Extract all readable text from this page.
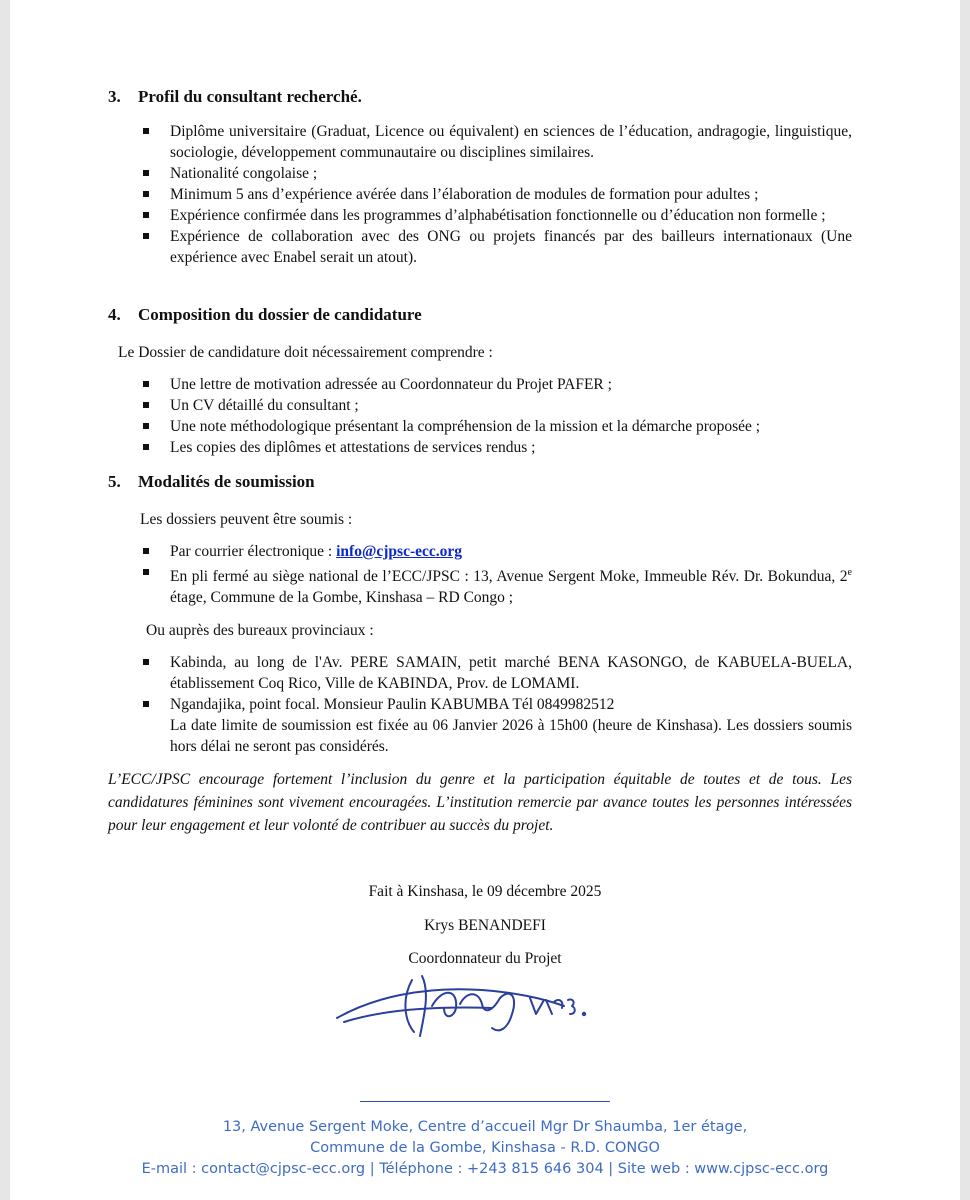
3. Profil du consultant recherché.
Diplôme universitaire (Graduat, Licence ou équivalent) en sciences de l’éducation, andragogie, linguistique, sociologie, développement communautaire ou disciplines similaires.
Nationalité congolaise ;
Minimum 5 ans d’expérience avérée dans l’élaboration de modules de formation pour adultes ;
Expérience confirmée dans les programmes d’alphabétisation fonctionnelle ou d’éducation non formelle ;
Expérience de collaboration avec des ONG ou projets financés par des bailleurs internationaux (Une expérience avec Enabel serait un atout).
4. Composition du dossier de candidature
Le Dossier de candidature doit nécessairement comprendre :
Une lettre de motivation adressée au Coordonnateur du Projet PAFER ;
Un CV détaillé du consultant ;
Une note méthodologique présentant la compréhension de la mission et la démarche proposée ;
Les copies des diplômes et attestations de services rendus ;
5. Modalités de soumission
Les dossiers peuvent être soumis :
Par courrier électronique : info@cjpsc-ecc.org
En pli fermé au siège national de l’ECC/JPSC : 13, Avenue Sergent Moke, Immeuble Rév. Dr. Bokundua, 2e étage, Commune de la Gombe, Kinshasa – RD Congo ;
Ou auprès des bureaux provinciaux :
Kabinda, au long de l'Av. PERE SAMAIN, petit marché BENA KASONGO, de KABUELA-BUELA, établissement Coq Rico, Ville de KABINDA, Prov. de LOMAMI.
Ngandajika, point focal. Monsieur Paulin KABUMBA Tél 0849982512
La date limite de soumission est fixée au 06 Janvier 2026 à 15h00 (heure de Kinshasa). Les dossiers soumis hors délai ne seront pas considérés.
L’ECC/JPSC encourage fortement l’inclusion du genre et la participation équitable de toutes et de tous. Les candidatures féminines sont vivement encouragées. L’institution remercie par avance toutes les personnes intéressées pour leur engagement et leur volonté de contribuer au succès du projet.
Fait à Kinshasa, le 09 décembre 2025
Krys BENANDEFI
Coordonnateur du Projet
13, Avenue Sergent Moke, Centre d’accueil Mgr Dr Shaumba, 1er étage,
Commune de la Gombe, Kinshasa - R.D. CONGO
E-mail : contact@cjpsc-ecc.org | Téléphone : +243 815 646 304 | Site web : www.cjpsc-ecc.org
